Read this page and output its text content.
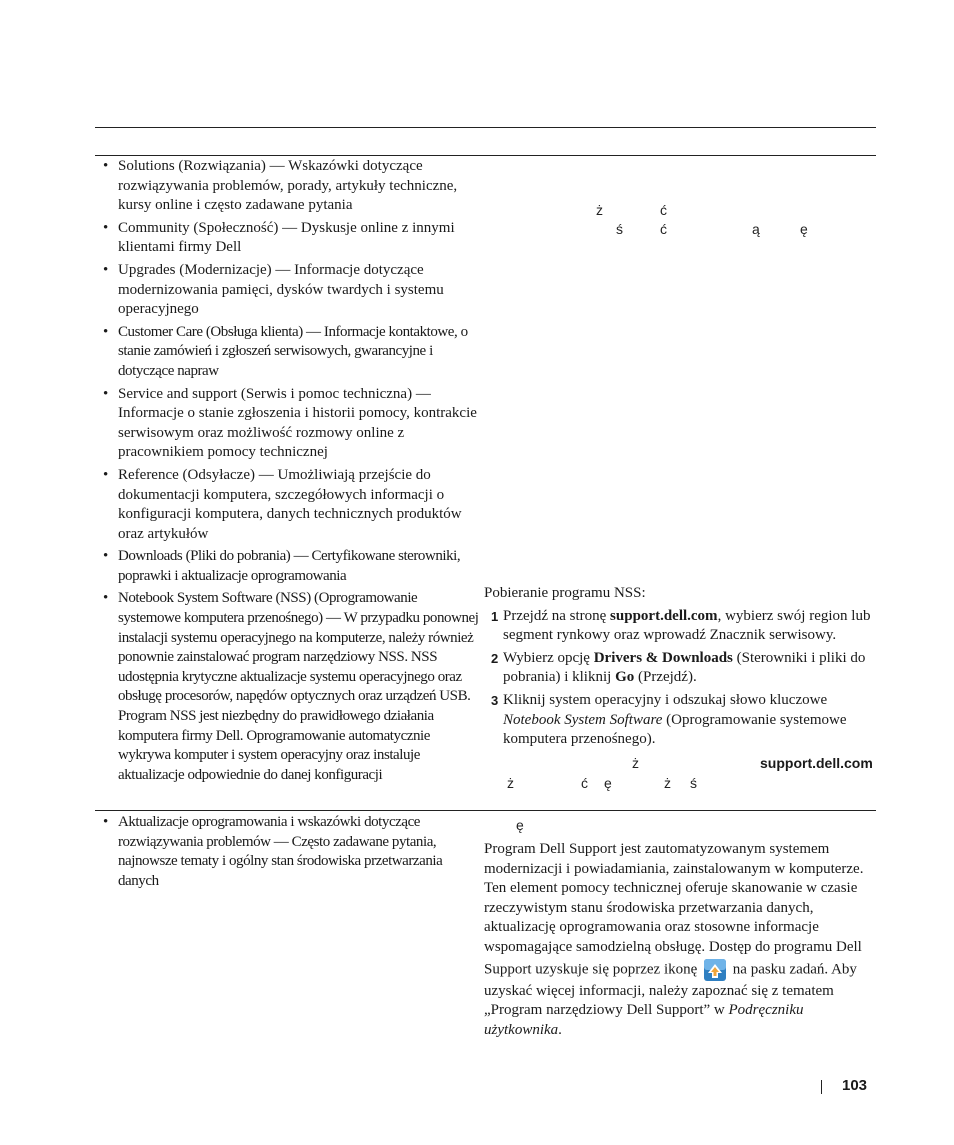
• Solutions (Rozwiązania) — Wskazówki dotyczące rozwiązywania problemów, porady, artykuły techniczne, kursy online i często zadawane pytania
• Community (Społeczność) — Dyskusje online z innymi klientami firmy Dell
• Upgrades (Modernizacje) — Informacje dotyczące modernizowania pamięci, dysków twardych i systemu operacyjnego
• Customer Care (Obsługa klienta) — Informacje kontaktowe, o stanie zamówień i zgłoszeń serwisowych, gwarancyjne i dotyczące napraw
• Service and support (Serwis i pomoc techniczna) — Informacje o stanie zgłoszenia i historii pomocy, kontrakcie serwisowym oraz możliwość rozmowy online z pracownikiem pomocy technicznej
• Reference (Odsyłacze) — Umożliwiają przejście do dokumentacji komputera, szczegółowych informacji o konfiguracji komputera, danych technicznych produktów oraz artykułów
• Downloads (Pliki do pobrania) — Certyfikowane sterowniki, poprawki i aktualizacje oprogramowania
• Notebook System Software (NSS) (Oprogramowanie systemowe komputera przenośnego) — W przypadku ponownej instalacji systemu operacyjnego na komputerze, należy również ponownie zainstalować program narzędziowy NSS. NSS udostępnia krytyczne aktualizacje systemu operacyjnego oraz obsługę procesorów, napędów optycznych oraz urządzeń USB. Program NSS jest niezbędny do prawidłowego działania komputera firmy Dell. Oprogramowanie automatycznie wykrywa komputer i system operacyjny oraz instaluje aktualizacje odpowiednie do danej konfiguracji
ż	ć
ś	ć	ą	ę
Pobieranie programu NSS:
1 Przejdź na stronę support.dell.com, wybierz swój region lub segment rynkowy oraz wprowadź Znacznik serwisowy.
2 Wybierz opcję Drivers & Downloads (Sterowniki i pliki do pobrania) i kliknij Go (Przejdź).
3 Kliknij system operacyjny i odszukaj słowo kluczowe Notebook System Software (Oprogramowanie systemowe komputera przenośnego).
ż	support.dell.com
ż	ć ę	ż ś
• Aktualizacje oprogramowania i wskazówki dotyczące rozwiązywania problemów — Często zadawane pytania, najnowsze tematy i ogólny stan środowiska przetwarzania danych
ę
Program Dell Support jest zautomatyzowanym systemem modernizacji i powiadamiania, zainstalowanym w komputerze. Ten element pomocy technicznej oferuje skanowanie w czasie rzeczywistym stanu środowiska przetwarzania danych, aktualizację oprogramowania oraz stosowne informacje wspomagające samodzielną obsługę. Dostęp do programu Dell Support uzyskuje się poprzez ikonę na pasku zadań. Aby uzyskać więcej informacji, należy zapoznać się z tematem „Program narzędziowy Dell Support” w Podręczniku użytkownika.
103
